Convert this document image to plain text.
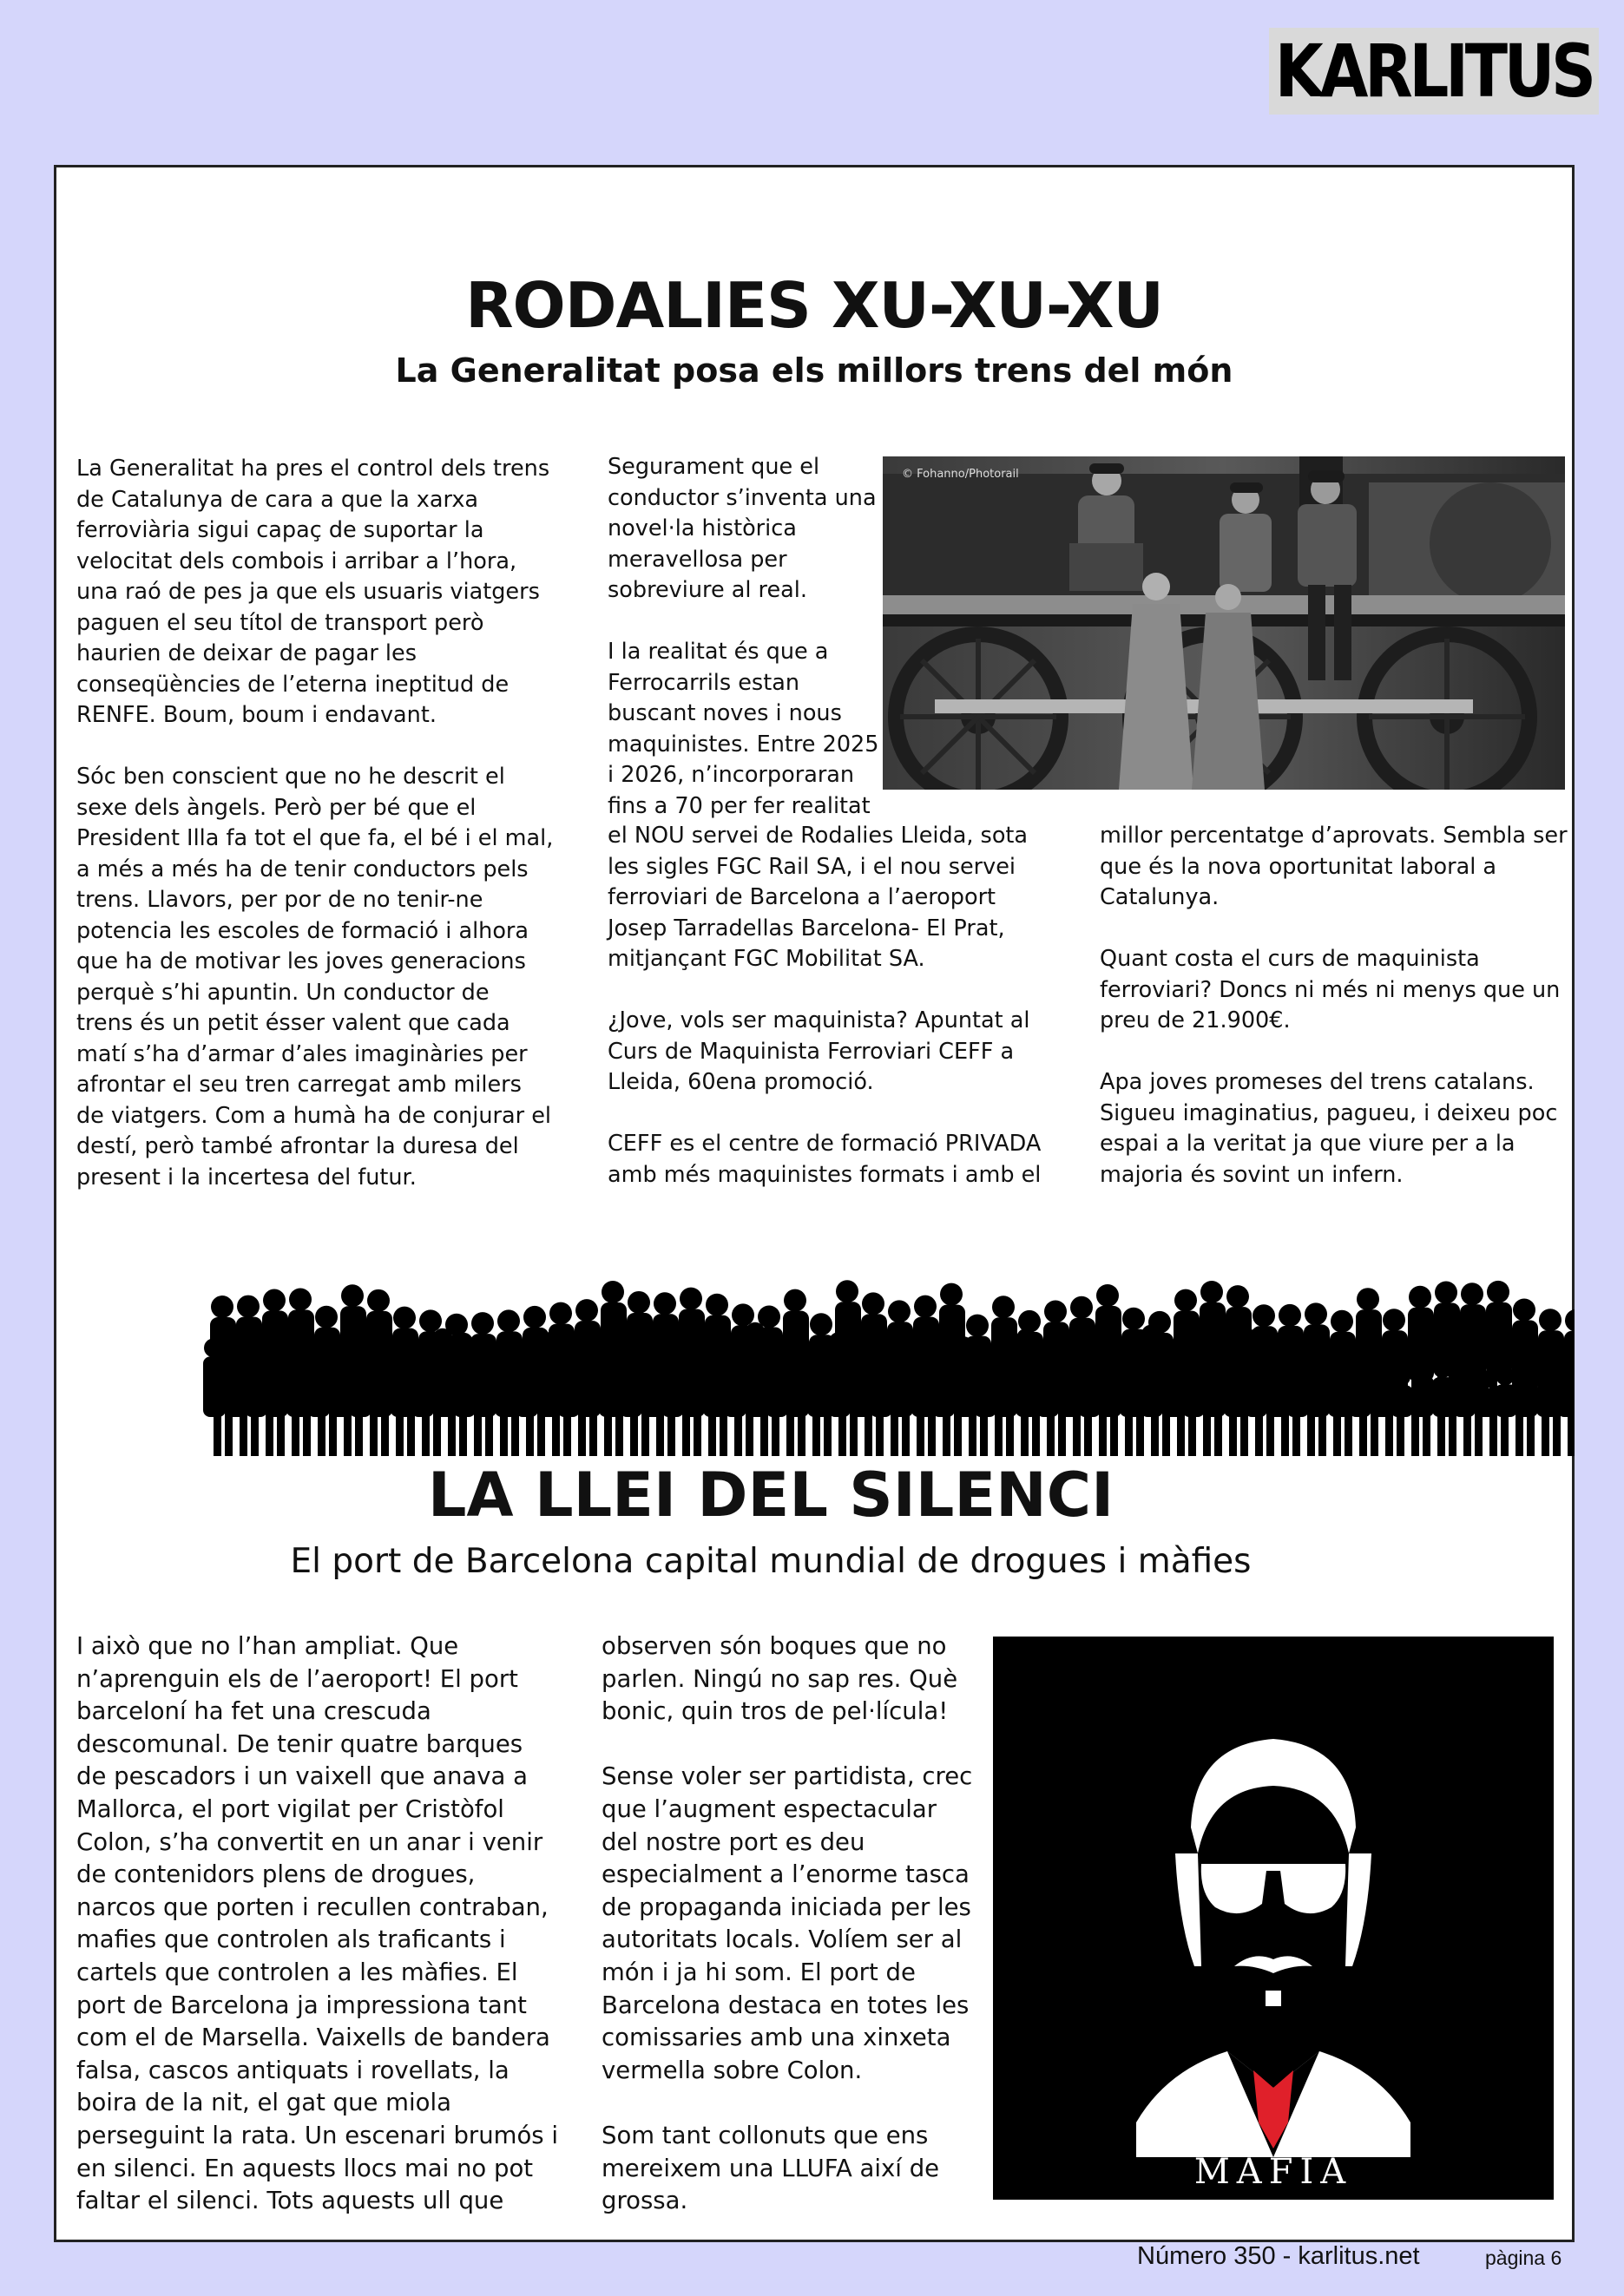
KARLITUS
RODALIES XU-XU-XU
La Generalitat posa els millors trens del món

La Generalitat ha pres el control dels trens
de Catalunya de cara a que la xarxa
ferroviària sigui capaç de suportar la
velocitat dels combois i arribar a l’hora,
una raó de pes ja que els usuaris viatgers
paguen el seu títol de transport però
haurien de deixar de pagar les
conseqüències de l’eterna ineptitud de
RENFE. Boum, boum i endavant.

Sóc ben conscient que no he descrit el
sexe dels àngels. Però per bé que el
President Illa fa tot el que fa, el bé i el mal,
a més a més ha de tenir conductors pels
trens. Llavors, per por de no tenir-ne
potencia les escoles de formació i alhora
que ha de motivar les joves generacions
perquè s’hi apuntin. Un conductor de
trens és un petit ésser valent que cada
matí s’ha d’armar d’ales imaginàries per
afrontar el seu tren carregat amb milers
de viatgers. Com a humà ha de conjurar el
destí, però també afrontar la duresa del
present i la incertesa del futur.

Segurament que el
conductor s’inventa una
novel·la històrica
meravellosa per
sobreviure al real.

I la realitat és que a
Ferrocarrils estan
buscant noves i nous
maquinistes. Entre 2025
i 2026, n’incorporaran
fins a 70 per fer realitat

el NOU servei de Rodalies Lleida, sota
les sigles FGC Rail SA, i el nou servei
ferroviari de Barcelona a l’aeroport
Josep Tarradellas Barcelona- El Prat,
mitjançant FGC Mobilitat SA.

¿Jove, vols ser maquinista? Apuntat al
Curs de Maquinista Ferroviari CEFF a
Lleida, 60ena promoció.

CEFF es el centre de formació PRIVADA
amb més maquinistes formats i amb el

millor percentatge d’aprovats. Sembla ser
que és la nova oportunitat laboral a
Catalunya.

Quant costa el curs de maquinista
ferroviari? Doncs ni més ni menys que un
preu de 21.900€.

Apa joves promeses del trens catalans.
Sigueu imaginatius, pagueu, i deixeu poc
espai a la veritat ja que viure per a la
majoria és sovint un infern.

© Fohanno/Photorail
LA LLEI DEL SILENCI
El port de Barcelona capital mundial de drogues i màfies

I això que no l’han ampliat. Que
n’aprenguin els de l’aeroport! El port
barceloní ha fet una crescuda
descomunal. De tenir quatre barques
de pescadors i un vaixell que anava a
Mallorca, el port vigilat per Cristòfol
Colon, s’ha convertit en un anar i venir
de contenidors plens de drogues,
narcos que porten i recullen contraban,
mafies que controlen als traficants i
cartels que controlen a les màfies. El
port de Barcelona ja impressiona tant
com el de Marsella. Vaixells de bandera
falsa, cascos antiquats i rovellats, la
boira de la nit, el gat que miola
perseguint la rata. Un escenari brumós i
en silenci. En aquests llocs mai no pot
faltar el silenci. Tots aquests ull que

observen són boques que no
parlen. Ningú no sap res. Què
bonic, quin tros de pel·lícula!

Sense voler ser partidista, crec
que l’augment espectacular
del nostre port es deu
especialment a l’enorme tasca
de propaganda iniciada per les
autoritats locals. Volíem ser al
món i ja hi som. El port de
Barcelona destaca en totes les
comissaries amb una xinxeta
vermella sobre Colon.

Som tant collonuts que ens
mereixem una LLUFA així de
grossa.

MAFIA
Número 350 - karlitus.net	pàgina 6
